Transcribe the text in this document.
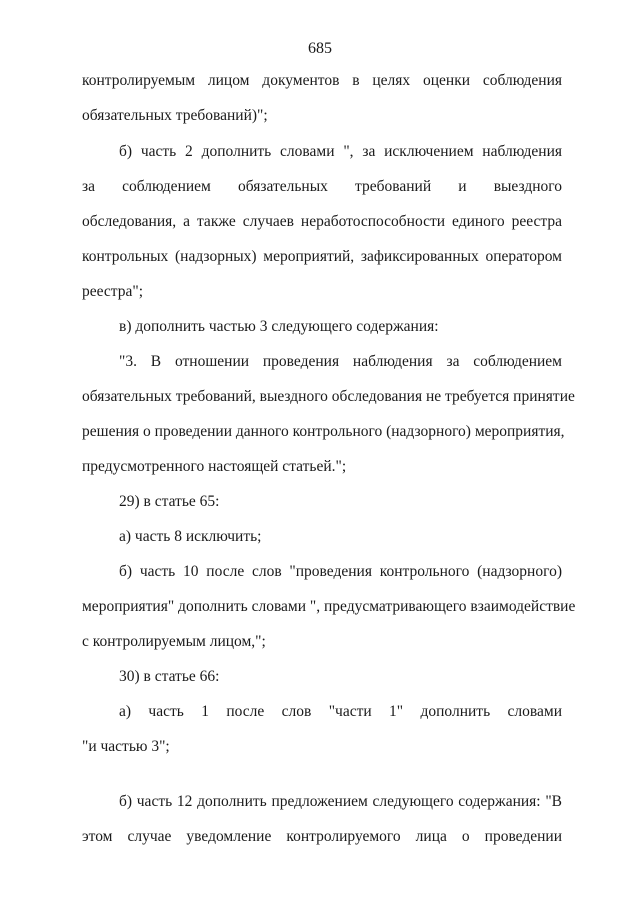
685
контролируемым лицом документов в целях оценки соблюдения
обязательных требований)";
б) часть 2 дополнить словами ", за исключением наблюдения
за соблюдением обязательных требований и выездного
обследования, а также случаев неработоспособности единого реестра
контрольных (надзорных) мероприятий, зафиксированных оператором
реестра";
в) дополнить частью 3 следующего содержания:
"3. В отношении проведения наблюдения за соблюдением
обязательных требований, выездного обследования не требуется принятие
решения о проведении данного контрольного (надзорного) мероприятия,
предусмотренного настоящей статьей.";
29) в статье 65:
а) часть 8 исключить;
б) часть 10 после слов "проведения контрольного (надзорного)
мероприятия" дополнить словами ", предусматривающего взаимодействие
с контролируемым лицом,";
30) в статье 66:
а) часть 1 после слов "части 1" дополнить словами
"и частью 3";
б) часть 12 дополнить предложением следующего содержания: "В
этом случае уведомление контролируемого лица о проведении
